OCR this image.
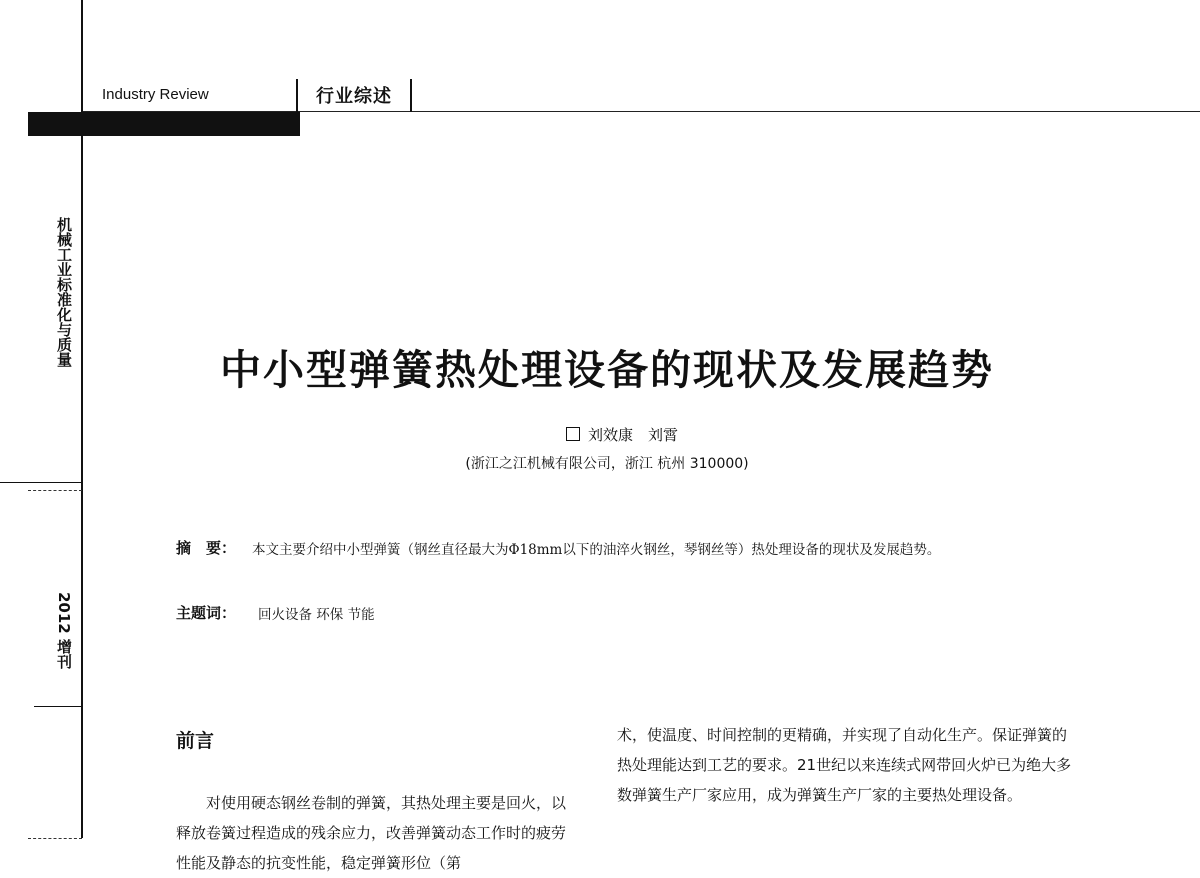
Industry Review	行业综述
机械工业标准化与质量
2012 增刊
中小型弹簧热处理设备的现状及发展趋势
刘效康　刘霄
(浙江之江机械有限公司，浙江 杭州 310000)
摘　要： 本文主要介绍中小型弹簧（钢丝直径最大为Φ18mm以下的油淬火钢丝，琴钢丝等）热处理设备的现状及发展趋势。
主题词： 回火设备 环保 节能
前言

对使用硬态钢丝卷制的弹簧，其热处理主要是回火，以释放卷簧过程造成的残余应力，改善弹簧动态工作时的疲劳性能及静态的抗变性能，稳定弹簧形位（第

术，使温度、时间控制的更精确，并实现了自动化生产。保证弹簧的热处理能达到工艺的要求。21世纪以来连续式网带回火炉已为绝大多数弹簧生产厂家应用，成为弹簧生产厂家的主要热处理设备。
